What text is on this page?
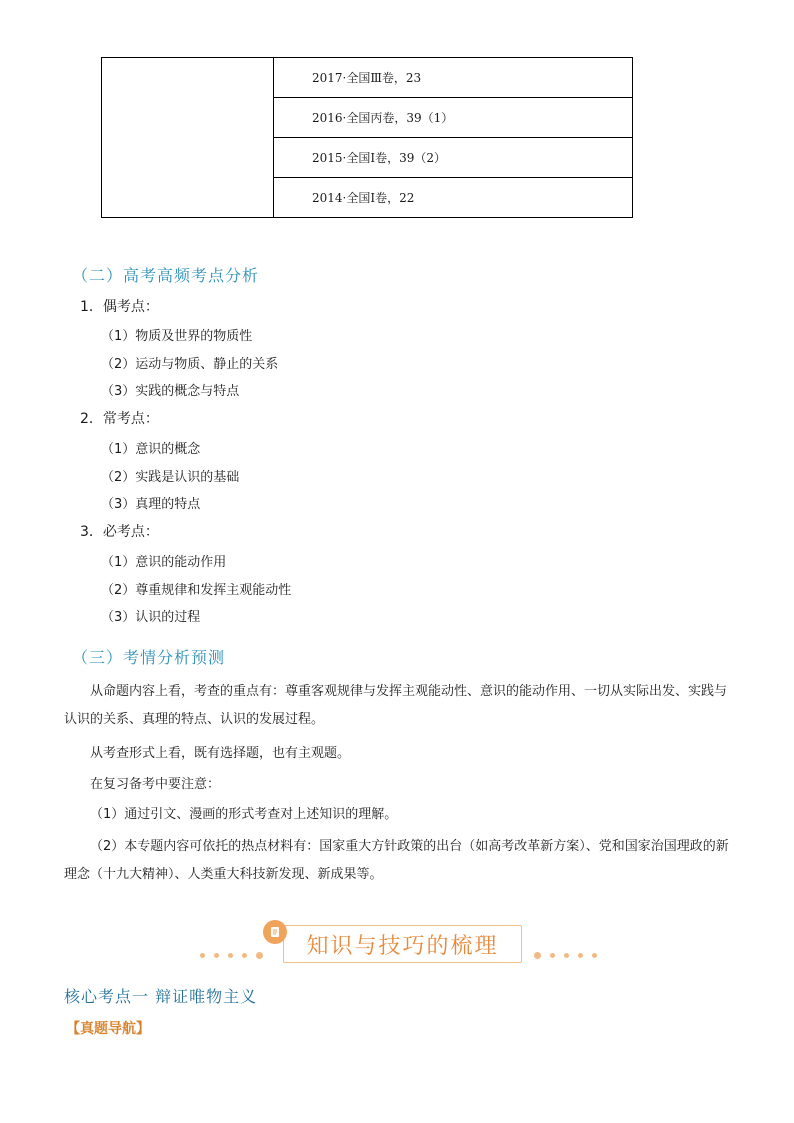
	2017·全国Ⅲ卷，23
2016·全国丙卷，39（1）
2015·全国Ⅰ卷，39（2）
2014·全国Ⅰ卷，22
（二）高考高频考点分析
1．偶考点：
（1）物质及世界的物质性
（2）运动与物质、静止的关系
（3）实践的概念与特点
2．常考点：
（1）意识的概念
（2）实践是认识的基础
（3）真理的特点
3．必考点：
（1）意识的能动作用
（2）尊重规律和发挥主观能动性
（3）认识的过程
（三）考情分析预测
从命题内容上看，考查的重点有：尊重客观规律与发挥主观能动性、意识的能动作用、一切从实际出发、实践与认识的关系、真理的特点、认识的发展过程。
从考查形式上看，既有选择题，也有主观题。
在复习备考中要注意：
（1）通过引文、漫画的形式考查对上述知识的理解。
（2）本专题内容可依托的热点材料有：国家重大方针政策的出台（如高考改革新方案）、党和国家治国理政的新理念（十九大精神）、人类重大科技新发现、新成果等。
知识与技巧的梳理
核心考点一 辩证唯物主义
【真题导航】
